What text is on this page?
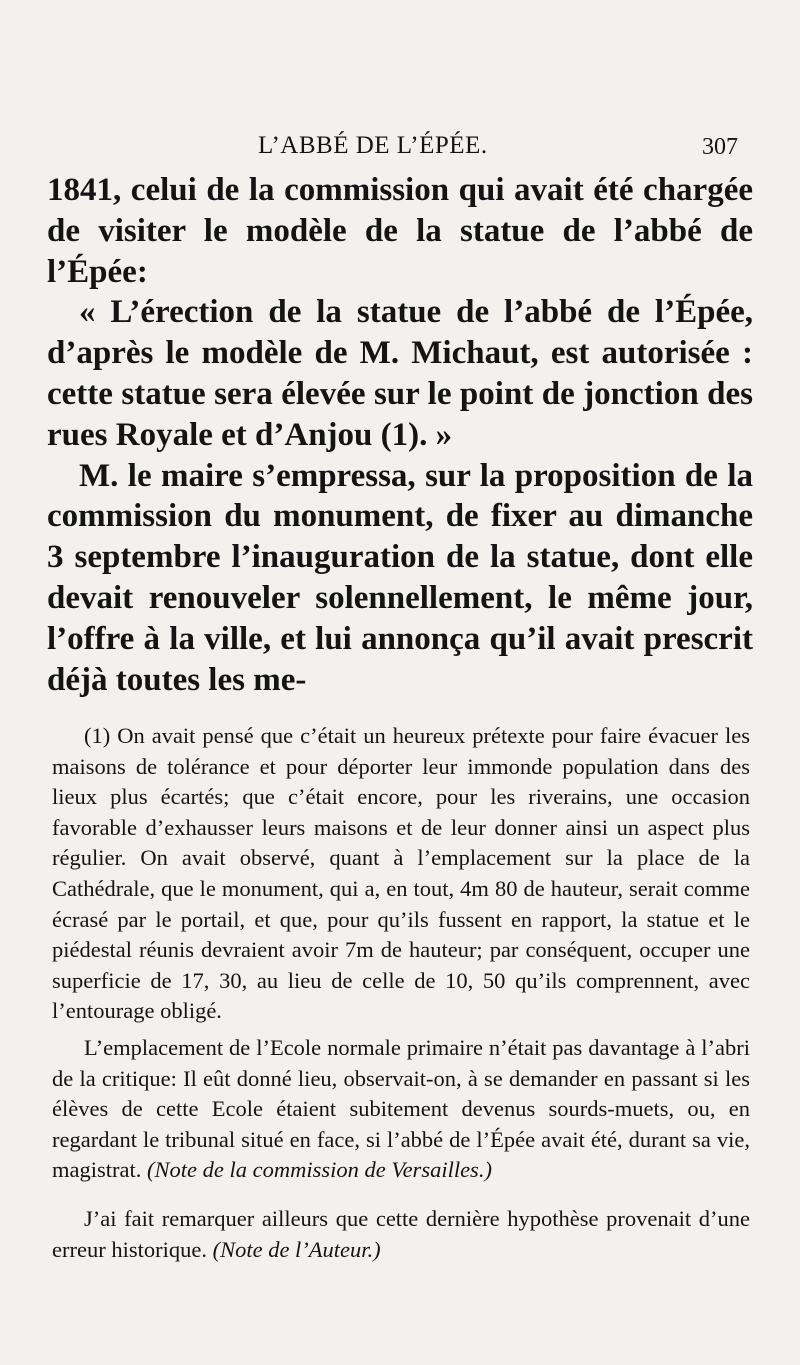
L’ABBÉ DE L’ÉPÉE.	307

1841, celui de la commission qui avait été chargée de visiter le modèle de la statue de l’abbé de l’Épée:

« L’érection de la statue de l’abbé de l’Épée, d’après le modèle de M. Michaut, est autorisée : cette statue sera élevée sur le point de jonction des rues Royale et d’Anjou (1). »

M. le maire s’empressa, sur la proposition de la commission du monument, de fixer au dimanche 3 septembre l’inauguration de la statue, dont elle devait renouveler solennellement, le même jour, l’offre à la ville, et lui annonça qu’il avait prescrit déjà toutes les me-

(1) On avait pensé que c’était un heureux prétexte pour faire évacuer les maisons de tolérance et pour déporter leur immonde population dans des lieux plus écartés; que c’était encore, pour les riverains, une occasion favorable d’exhausser leurs maisons et de leur donner ainsi un aspect plus régulier. On avait observé, quant à l’emplacement sur la place de la Cathédrale, que le monument, qui a, en tout, 4m 80 de hauteur, serait comme écrasé par le portail, et que, pour qu’ils fussent en rapport, la statue et le piédestal réunis devraient avoir 7m de hauteur; par conséquent, occuper une superficie de 17, 30, au lieu de celle de 10, 50 qu’ils comprennent, avec l’entourage obligé.

L’emplacement de l’Ecole normale primaire n’était pas davantage à l’abri de la critique: Il eût donné lieu, observait-on, à se demander en passant si les élèves de cette Ecole étaient subitement devenus sourds-muets, ou, en regardant le tribunal situé en face, si l’abbé de l’Épée avait été, durant sa vie, magistrat. (Note de la commission de Versailles.)

J’ai fait remarquer ailleurs que cette dernière hypothèse provenait d’une erreur historique. (Note de l’Auteur.)
